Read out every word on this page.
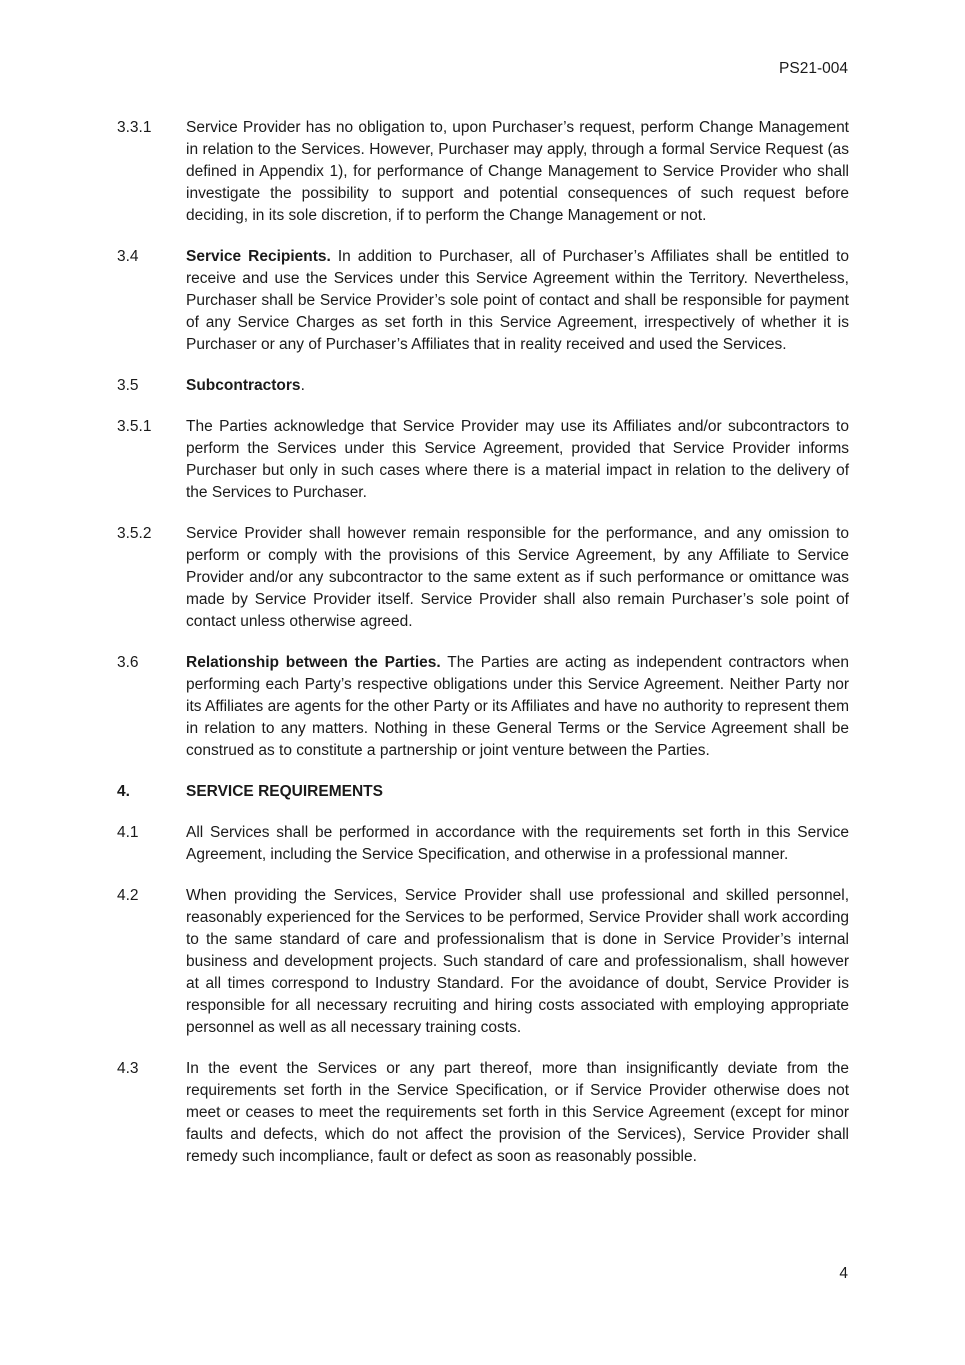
PS21-004
3.3.1	Service Provider has no obligation to, upon Purchaser’s request, perform Change Management in relation to the Services. However, Purchaser may apply, through a formal Service Request (as defined in Appendix 1), for performance of Change Management to Service Provider who shall investigate the possibility to support and potential consequences of such request before deciding, in its sole discretion, if to perform the Change Management or not.
3.4	Service Recipients. In addition to Purchaser, all of Purchaser’s Affiliates shall be entitled to receive and use the Services under this Service Agreement within the Territory. Nevertheless, Purchaser shall be Service Provider’s sole point of contact and shall be responsible for payment of any Service Charges as set forth in this Service Agreement, irrespectively of whether it is Purchaser or any of Purchaser’s Affiliates that in reality received and used the Services.
3.5	Subcontractors.
3.5.1	The Parties acknowledge that Service Provider may use its Affiliates and/or subcontractors to perform the Services under this Service Agreement, provided that Service Provider informs Purchaser but only in such cases where there is a material impact in relation to the delivery of the Services to Purchaser.
3.5.2	Service Provider shall however remain responsible for the performance, and any omission to perform or comply with the provisions of this Service Agreement, by any Affiliate to Service Provider and/or any subcontractor to the same extent as if such performance or omittance was made by Service Provider itself. Service Provider shall also remain Purchaser’s sole point of contact unless otherwise agreed.
3.6	Relationship between the Parties. The Parties are acting as independent contractors when performing each Party’s respective obligations under this Service Agreement. Neither Party nor its Affiliates are agents for the other Party or its Affiliates and have no authority to represent them in relation to any matters. Nothing in these General Terms or the Service Agreement shall be construed as to constitute a partnership or joint venture between the Parties.
4.	SERVICE REQUIREMENTS
4.1	All Services shall be performed in accordance with the requirements set forth in this Service Agreement, including the Service Specification, and otherwise in a professional manner.
4.2	When providing the Services, Service Provider shall use professional and skilled personnel, reasonably experienced for the Services to be performed, Service Provider shall work according to the same standard of care and professionalism that is done in Service Provider’s internal business and development projects. Such standard of care and professionalism, shall however at all times correspond to Industry Standard. For the avoidance of doubt, Service Provider is responsible for all necessary recruiting and hiring costs associated with employing appropriate personnel as well as all necessary training costs.
4.3	In the event the Services or any part thereof, more than insignificantly deviate from the requirements set forth in the Service Specification, or if Service Provider otherwise does not meet or ceases to meet the requirements set forth in this Service Agreement (except for minor faults and defects, which do not affect the provision of the Services), Service Provider shall remedy such incompliance, fault or defect as soon as reasonably possible.
4
